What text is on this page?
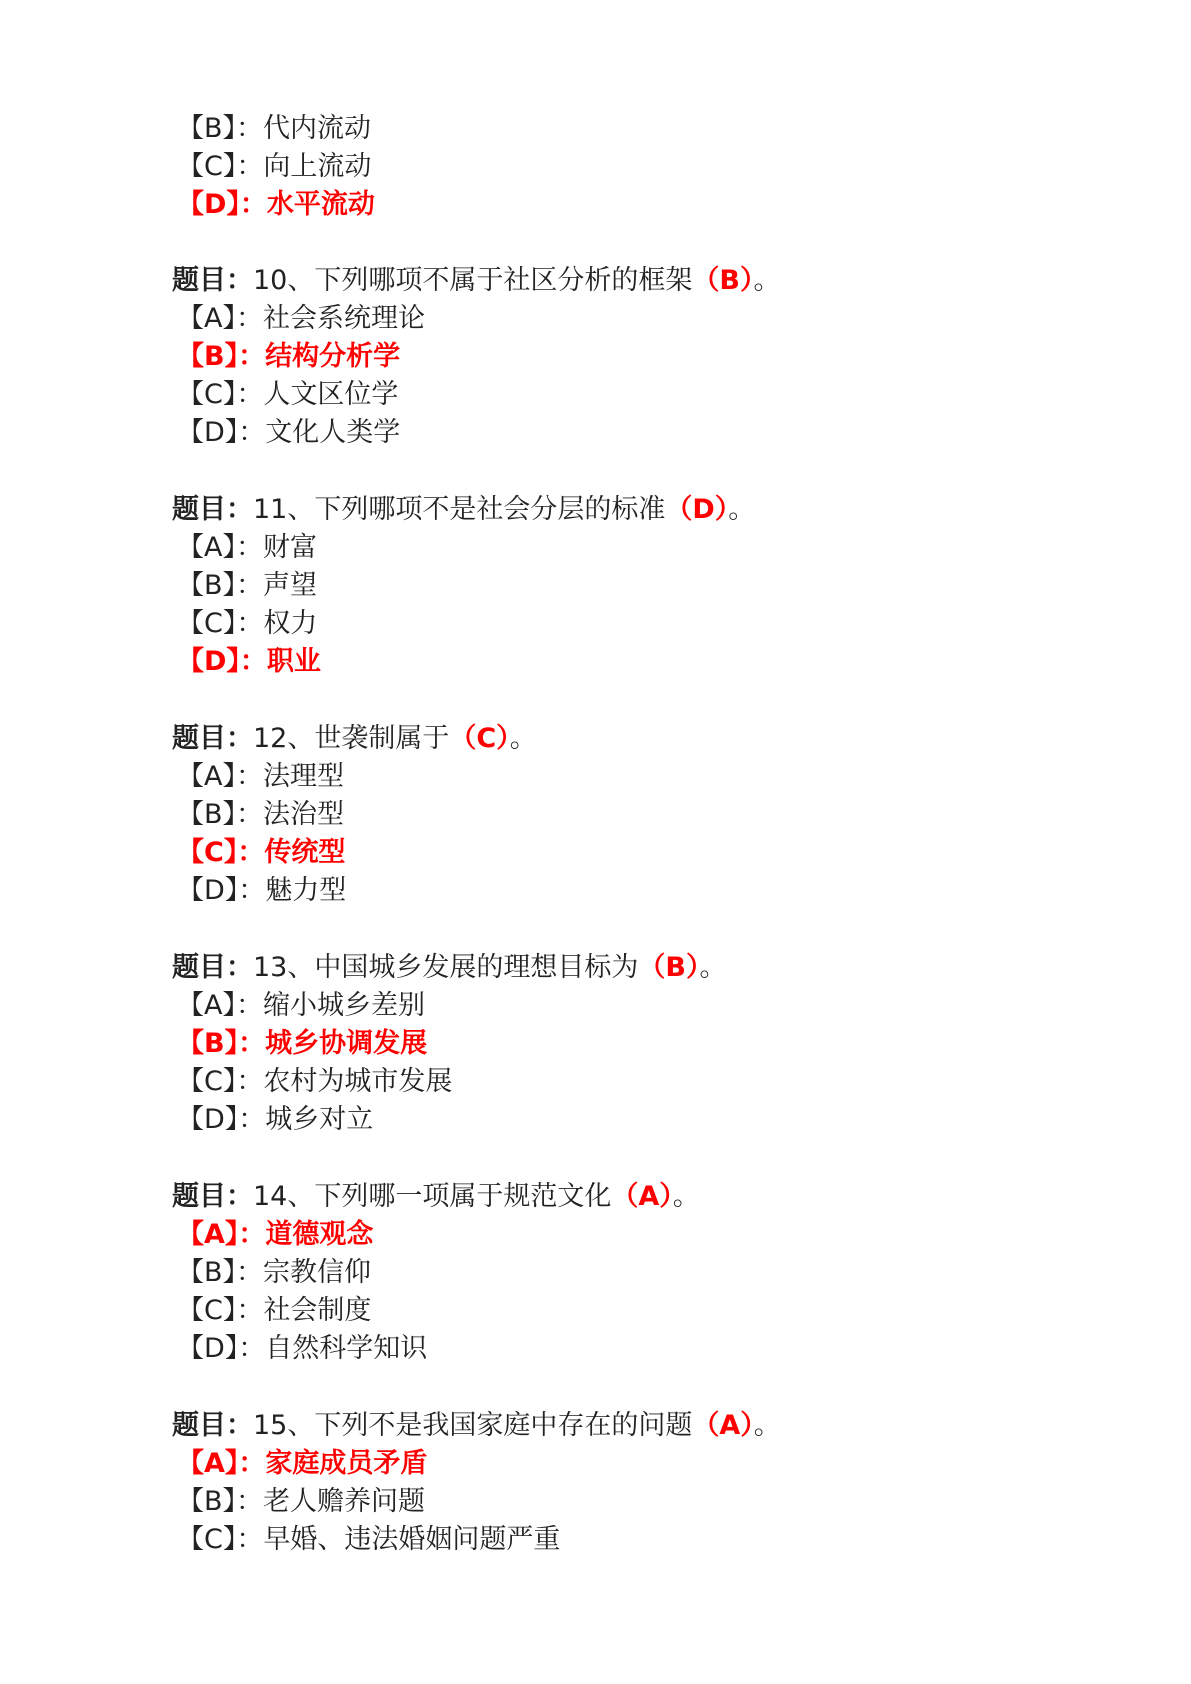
【B】：代内流动
【C】：向上流动
【D】：水平流动
题目：10、下列哪项不属于社区分析的框架（B）。
【A】：社会系统理论
【B】：结构分析学
【C】：人文区位学
【D】：文化人类学
题目：11、下列哪项不是社会分层的标准（D）。
【A】：财富
【B】：声望
【C】：权力
【D】：职业
题目：12、世袭制属于（C）。
【A】：法理型
【B】：法治型
【C】：传统型
【D】：魅力型
题目：13、中国城乡发展的理想目标为（B）。
【A】：缩小城乡差别
【B】：城乡协调发展
【C】：农村为城市发展
【D】：城乡对立
题目：14、下列哪一项属于规范文化（A）。
【A】：道德观念
【B】：宗教信仰
【C】：社会制度
【D】：自然科学知识
题目：15、下列不是我国家庭中存在的问题（A）。
【A】：家庭成员矛盾
【B】：老人赡养问题
【C】：早婚、违法婚姻问题严重
